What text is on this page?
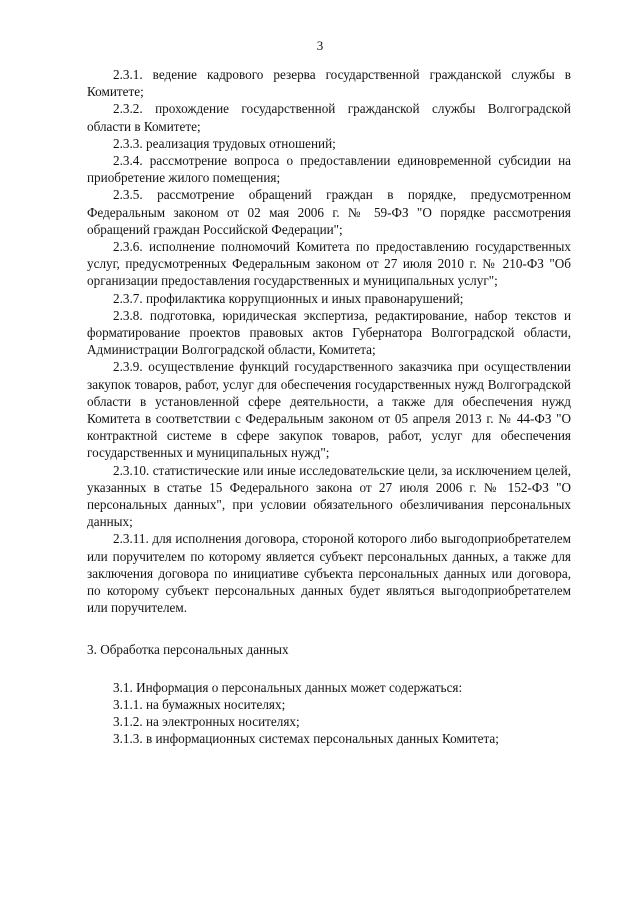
3

2.3.1. ведение кадрового резерва государственной гражданской службы в Комитете;

2.3.2. прохождение государственной гражданской службы Волгоградской области в Комитете;

2.3.3. реализация трудовых отношений;

2.3.4. рассмотрение вопроса о предоставлении единовременной субсидии на приобретение жилого помещения;

2.3.5. рассмотрение обращений граждан в порядке, предусмотренном Федеральным законом от 02 мая 2006 г. № 59-ФЗ "О порядке рассмотрения обращений граждан Российской Федерации";

2.3.6. исполнение полномочий Комитета по предоставлению государственных услуг, предусмотренных Федеральным законом от 27 июля 2010 г. № 210-ФЗ "Об организации предоставления государственных и муниципальных услуг";

2.3.7. профилактика коррупционных и иных правонарушений;

2.3.8. подготовка, юридическая экспертиза, редактирование, набор текстов и форматирование проектов правовых актов Губернатора Волгоградской области, Администрации Волгоградской области, Комитета;

2.3.9. осуществление функций государственного заказчика при осуществлении закупок товаров, работ, услуг для обеспечения государственных нужд Волгоградской области в установленной сфере деятельности, а также для обеспечения нужд Комитета в соответствии с Федеральным законом от 05 апреля 2013 г. № 44-ФЗ "О контрактной системе в сфере закупок товаров, работ, услуг для обеспечения государственных и муниципальных нужд";

2.3.10. статистические или иные исследовательские цели, за исключением целей, указанных в статье 15 Федерального закона от 27 июля 2006 г. № 152-ФЗ "О персональных данных", при условии обязательного обезличивания персональных данных;

2.3.11. для исполнения договора, стороной которого либо выгодоприобретателем или поручителем по которому является субъект персональных данных, а также для заключения договора по инициативе субъекта персональных данных или договора, по которому субъект персональных данных будет являться выгодоприобретателем или поручителем.

3. Обработка персональных данных

3.1. Информация о персональных данных может содержаться:

3.1.1. на бумажных носителях;

3.1.2. на электронных носителях;

3.1.3. в информационных системах персональных данных Комитета;
